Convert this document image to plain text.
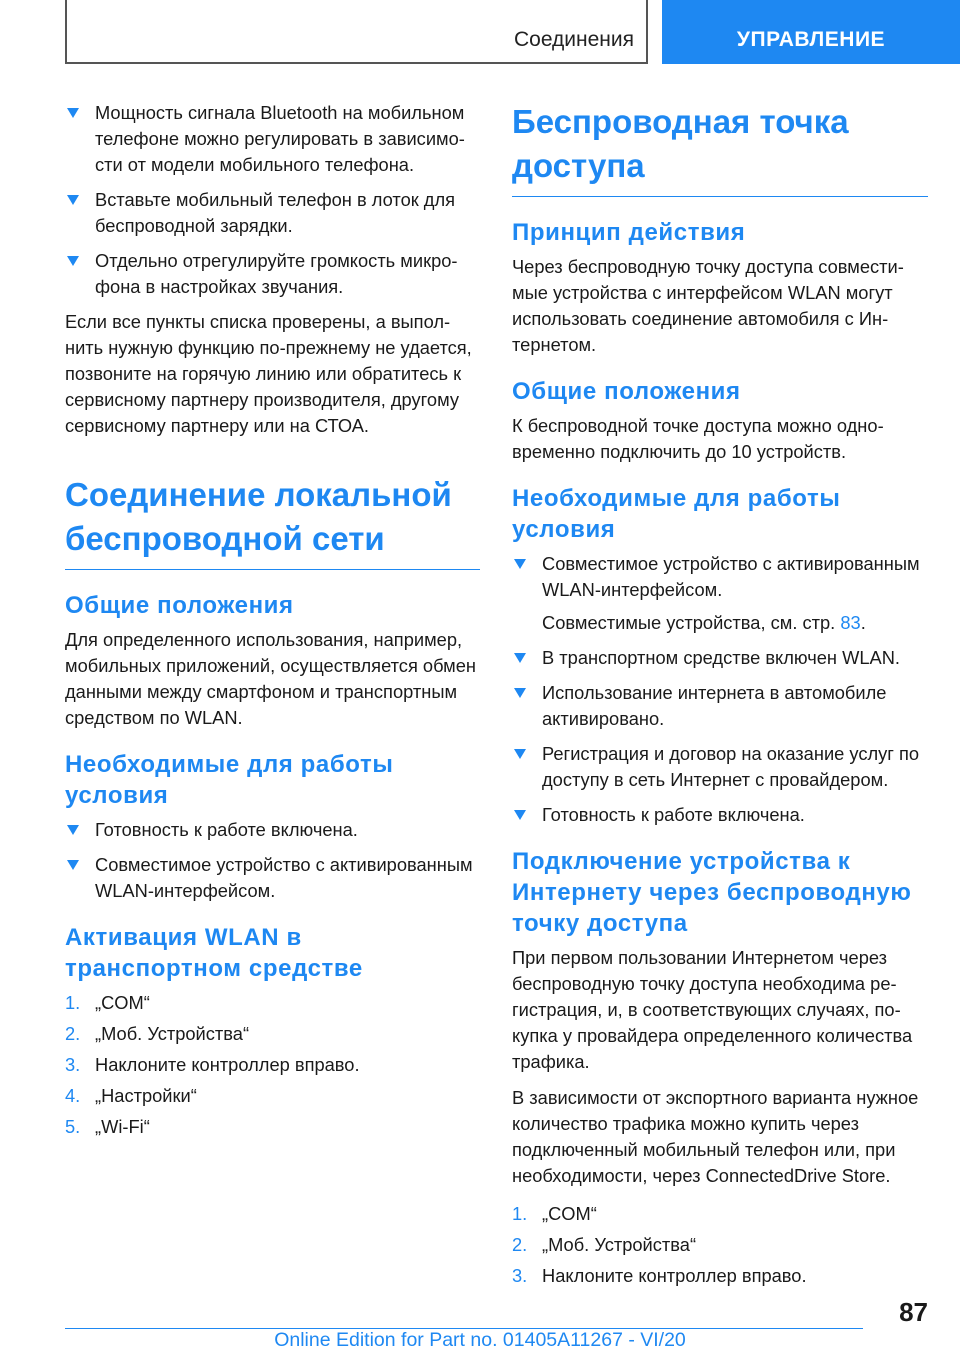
Соединения	УПРАВЛЕНИЕ
Мощность сигнала Bluetooth на мобильном телефоне можно регулировать в зависимости от модели мобильного телефона.
Вставьте мобильный телефон в лоток для беспроводной зарядки.
Отдельно отрегулируйте громкость микрофона в настройках звучания.

Если все пункты списка проверены, а выполнить нужную функцию по-прежнему не удается, позвоните на горячую линию или обратитесь к сервисному партнеру производителя, другому сервисному партнеру или на СТОА.

Соединение локальной беспроводной сети
Общие положения

Для определенного использования, например, мобильных приложений, осуществляется обмен данными между смартфоном и транспортным средством по WLAN.

Необходимые для работы условия
Готовность к работе включена.
Совместимое устройство с активированным WLAN-интерфейсом.
Активация WLAN в транспортном средстве
1. „COM“
2. „Моб. Устройства“
3. Наклоните контроллер вправо.
4. „Настройки“
5. „Wi-Fi“
Беспроводная точка доступа
Принцип действия

Через беспроводную точку доступа совместимые устройства с интерфейсом WLAN могут использовать соединение автомобиля с Интернетом.

Общие положения

К беспроводной точке доступа можно одновременно подключить до 10 устройств.

Необходимые для работы условия
Совместимое устройство с активированным WLAN-интерфейсом.
Совместимые устройства, см. стр. 83.
В транспортном средстве включен WLAN.
Использование интернета в автомобиле активировано.
Регистрация и договор на оказание услуг по доступу в сеть Интернет с провайдером.
Готовность к работе включена.
Подключение устройства к Интернету через беспроводную точку доступа

При первом пользовании Интернетом через беспроводную точку доступа необходима регистрация, и, в соответствующих случаях, покупка у провайдера определенного количества трафика.

В зависимости от экспортного варианта нужное количество трафика можно купить через подключенный мобильный телефон или, при необходимости, через ConnectedDrive Store.

1. „COM“
2. „Моб. Устройства“
3. Наклоните контроллер вправо.
87
Online Edition for Part no. 01405A11267 - VI/20
